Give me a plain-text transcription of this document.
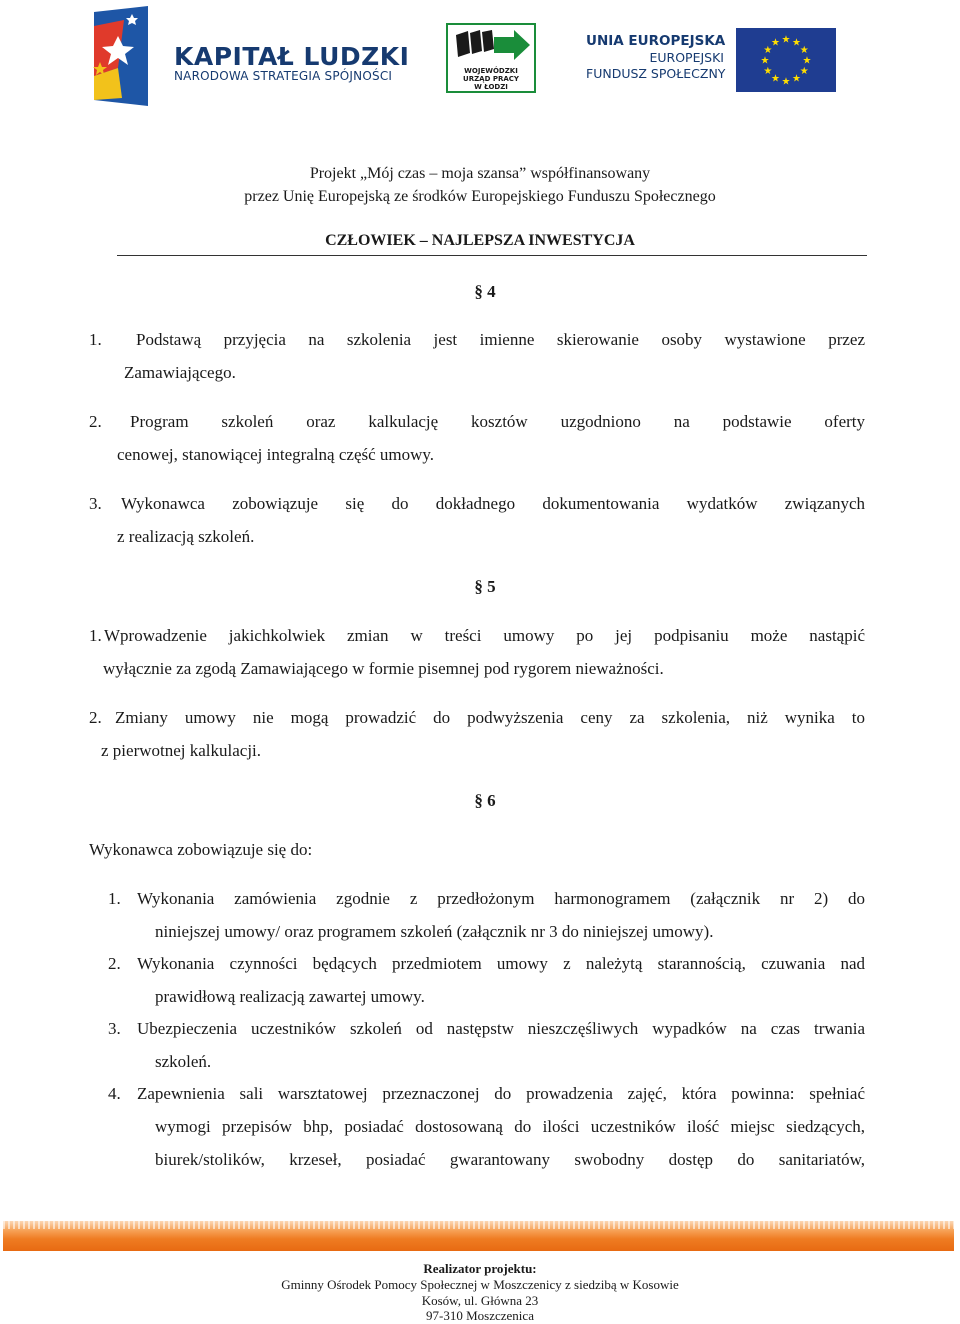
KAPITAŁ LUDZKI
NARODOWA STRATEGIA SPÓJNOŚCI	WOJEWÓDZKI
URZĄD PRACY
W ŁODZI
UNIA EUROPEJSKA
EUROPEJSKI
FUNDUSZ SPOŁECZNY
★ ★
★
★
★
★
★
★
★
★
★
★
Projekt „Mój czas – moja szansa” współfinansowany
przez Unię Europejską ze środków Europejskiego Funduszu Społecznego
CZŁOWIEK – NAJLEPSZA INWESTYCJA
§ 4
1. Podstawą przyjęcia na szkolenia jest imienne skierowanie osoby wystawione przez
Zamawiającego.
2. Program szkoleń oraz kalkulację kosztów uzgodniono na podstawie oferty
cenowej, stanowiącej integralną część umowy.
3. Wykonawca zobowiązuje się do dokładnego dokumentowania wydatków związanych
z realizacją szkoleń.
§ 5
1. Wprowadzenie jakichkolwiek zmian w treści umowy po jej podpisaniu może nastąpić
wyłącznie za zgodą Zamawiającego w formie pisemnej pod rygorem nieważności.
2. Zmiany umowy nie mogą prowadzić do podwyższenia ceny za szkolenia, niż wynika to
z pierwotnej kalkulacji.
§ 6
Wykonawca zobowiązuje się do:
1. Wykonania zamówienia zgodnie z przedłożonym harmonogramem (załącznik nr 2) do
niniejszej umowy/ oraz programem szkoleń (załącznik nr 3 do niniejszej umowy).
2. Wykonania czynności będących przedmiotem umowy z należytą starannością, czuwania nad
prawidłową realizacją zawartej umowy.
3. Ubezpieczenia uczestników szkoleń od następstw nieszczęśliwych wypadków na czas trwania
szkoleń.
4. Zapewnienia sali warsztatowej przeznaczonej do prowadzenia zajęć, która powinna: spełniać
wymogi przepisów bhp, posiadać dostosowaną do ilości uczestników ilość miejsc siedzących,
biurek/stolików, krzeseł, posiadać gwarantowany swobodny dostęp do sanitariatów,
Realizator projektu:
Gminny Ośrodek Pomocy Społecznej w Moszczenicy z siedzibą w Kosowie
Kosów, ul. Główna 23
97-310 Moszczenica
